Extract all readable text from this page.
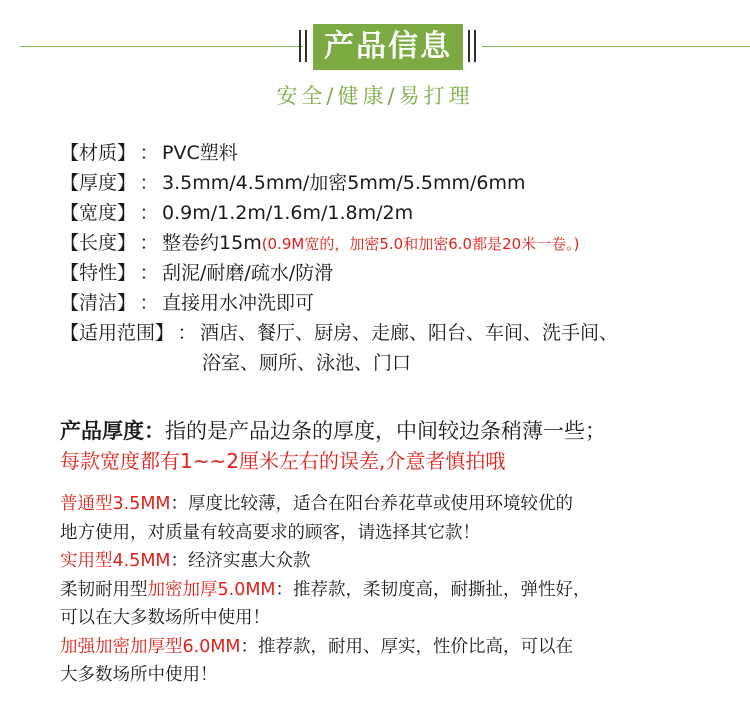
产品信息
安全/健康/易打理
【材质】 ： PVC塑料
【厚度】 ： 3.5mm/4.5mm/加密5mm/5.5mm/6mm
【宽度】 ： 0.9m/1.2m/1.6m/1.8m/2m
【长度】 ： 整卷约15m(0.9M宽的，加密5.0和加密6.0都是20米一卷。)
【特性】 ： 刮泥/耐磨/疏水/防滑
【清洁】 ： 直接用水冲洗即可
【适用范围】 ： 酒店、餐厅、厨房、走廊、阳台、车间、洗手间、
浴室、厕所、泳池、门口
产品厚度：指的是产品边条的厚度，中间较边条稍薄一些；
每款宽度都有1~~2厘米左右的误差,介意者慎拍哦

普通型3.5MM：厚度比较薄，适合在阳台养花草或使用环境较优的

地方使用，对质量有较高要求的顾客，请选择其它款！

实用型4.5MM：经济实惠大众款

柔韧耐用型加密加厚5.0MM：推荐款，柔韧度高，耐撕扯，弹性好，

可以在大多数场所中使用！

加强加密加厚型6.0MM：推荐款，耐用、厚实，性价比高，可以在

大多数场所中使用！
